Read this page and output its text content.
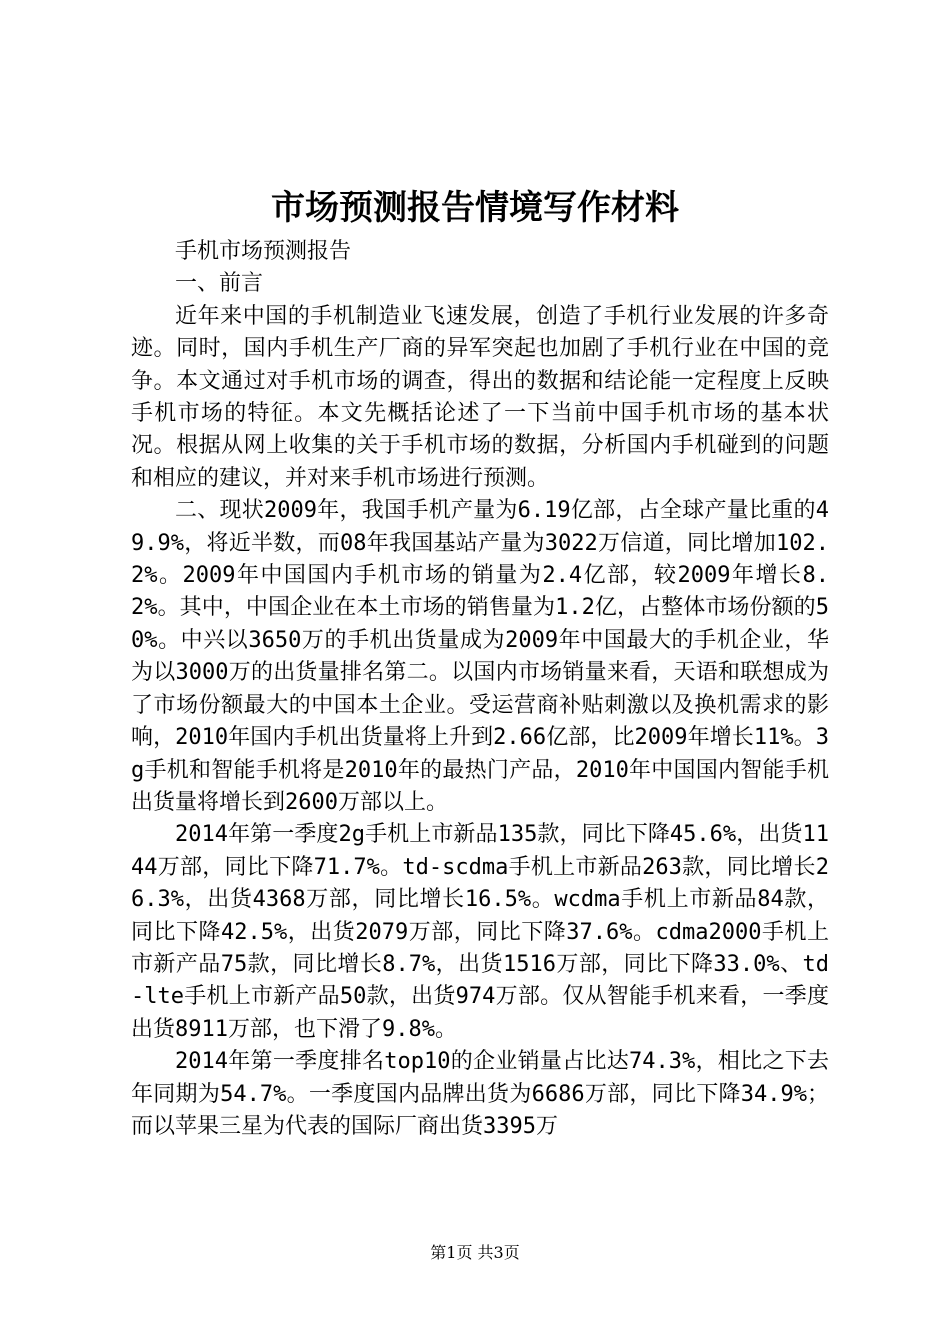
市场预测报告情境写作材料

手机市场预测报告

一、前言

近年来中国的手机制造业飞速发展，创造了手机行业发展的许多奇迹。同时，国内手机生产厂商的异军突起也加剧了手机行业在中国的竞争。本文通过对手机市场的调查，得出的数据和结论能一定程度上反映手机市场的特征。本文先概括论述了一下当前中国手机市场的基本状况。根据从网上收集的关于手机市场的数据，分析国内手机碰到的问题和相应的建议，并对来手机市场进行预测。

二、现状2009年，我国手机产量为6.19亿部，占全球产量比重的49.9%，将近半数，而08年我国基站产量为3022万信道，同比增加102.2%。2009年中国国内手机市场的销量为2.4亿部，较2009年增长8.2%。其中，中国企业在本土市场的销售量为1.2亿，占整体市场份额的50%。中兴以3650万的手机出货量成为2009年中国最大的手机企业，华为以3000万的出货量排名第二。以国内市场销量来看，天语和联想成为了市场份额最大的中国本土企业。受运营商补贴刺激以及换机需求的影响，2010年国内手机出货量将上升到2.66亿部，比2009年增长11%。3g手机和智能手机将是2010年的最热门产品，2010年中国国内智能手机出货量将增长到2600万部以上。

2014年第一季度2g手机上市新品135款，同比下降45.6%，出货1144万部，同比下降71.7%。td-scdma手机上市新品263款，同比增长26.3%，出货4368万部，同比增长16.5%。wcdma手机上市新品84款，同比下降42.5%，出货2079万部，同比下降37.6%。cdma2000手机上市新产品75款，同比增长8.7%，出货1516万部，同比下降33.0%、td-lte手机上市新产品50款，出货974万部。仅从智能手机来看，一季度出货8911万部，也下滑了9.8%。

2014年第一季度排名top10的企业销量占比达74.3%，相比之下去年同期为54.7%。一季度国内品牌出货为6686万部，同比下降34.9%；而以苹果三星为代表的国际厂商出货3395万

第1页 共3页
